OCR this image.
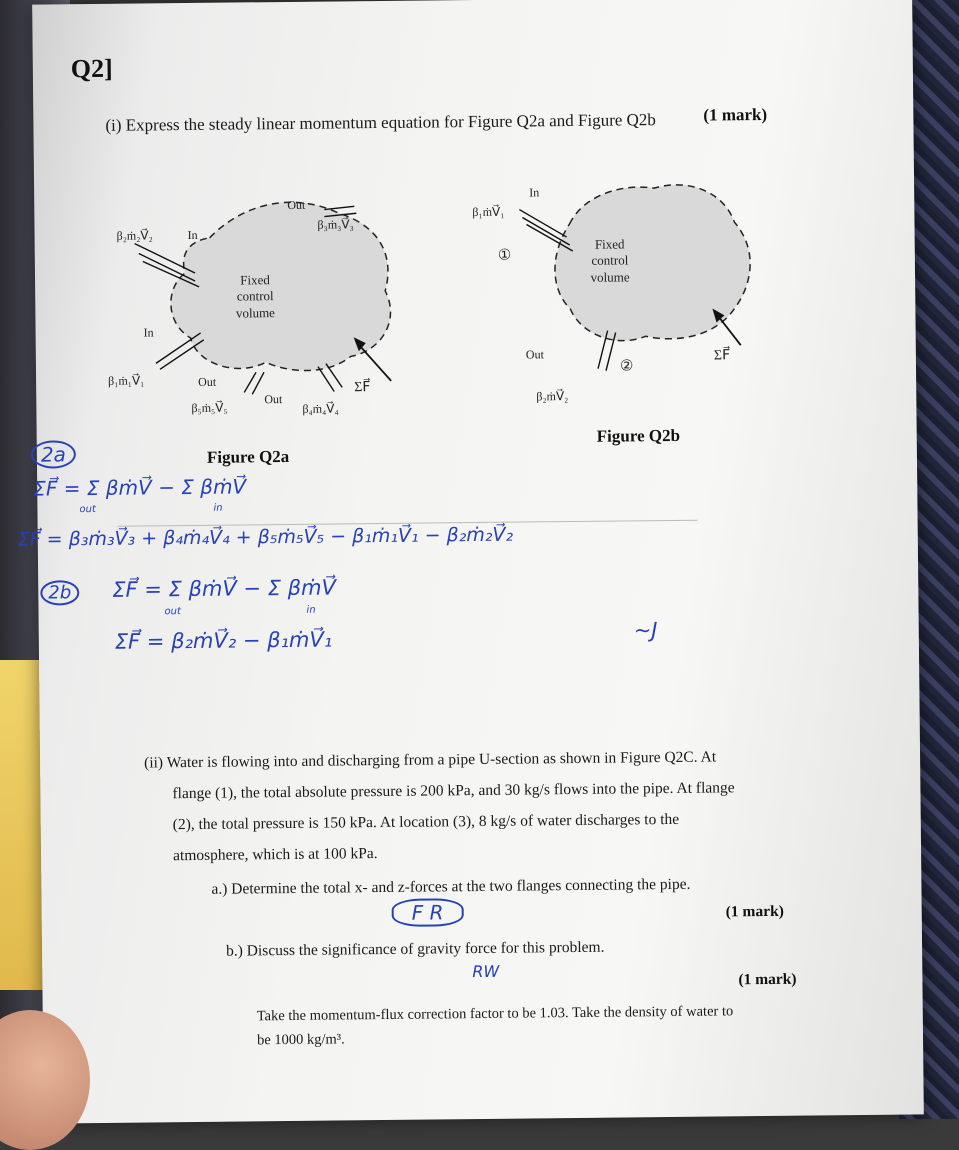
Q2]
(i) Express the steady linear momentum equation for Figure Q2a and Figure Q2b	(1 mark)
β₂ṁ₂V⃗₂	In
Out
β₃ṁ₃V⃗₃
Fixed
control
volume
In
β₁ṁ₁V⃗₁	Out
β₅ṁ₅V⃗₅
Out
β₄ṁ₄V⃗₄
ΣF⃗
β₁ṁV⃗₁
In
①
Fixed
control
volume
Out
②
ΣF⃗
β₂ṁV⃗₂
Figure Q2a
Figure Q2b
2a
ΣF⃗ = Σ βṁV⃗ − Σ βṁV⃗
out	in
ΣF⃗ = β₃ṁ₃V⃗₃ + β₄ṁ₄V⃗₄ + β₅ṁ₅V⃗₅ − β₁ṁ₁V⃗₁ − β₂ṁ₂V⃗₂
2b	ΣF⃗ = Σ βṁV⃗ − Σ βṁV⃗
out	in
ΣF⃗ = β₂ṁV⃗₂ − β₁ṁV⃗₁	~J
(ii) Water is flowing into and discharging from a pipe U-section as shown in Figure Q2C. At
flange (1), the total absolute pressure is 200 kPa, and 30 kg/s flows into the pipe. At flange
(2), the total pressure is 150 kPa. At location (3), 8 kg/s of water discharges to the
atmosphere, which is at 100 kPa.
a.) Determine the total x- and z-forces at the two flanges connecting the pipe.
F R	(1 mark)
b.) Discuss the significance of gravity force for this problem.
RW	(1 mark)
Take the momentum-flux correction factor to be 1.03. Take the density of water to
be 1000 kg/m³.
